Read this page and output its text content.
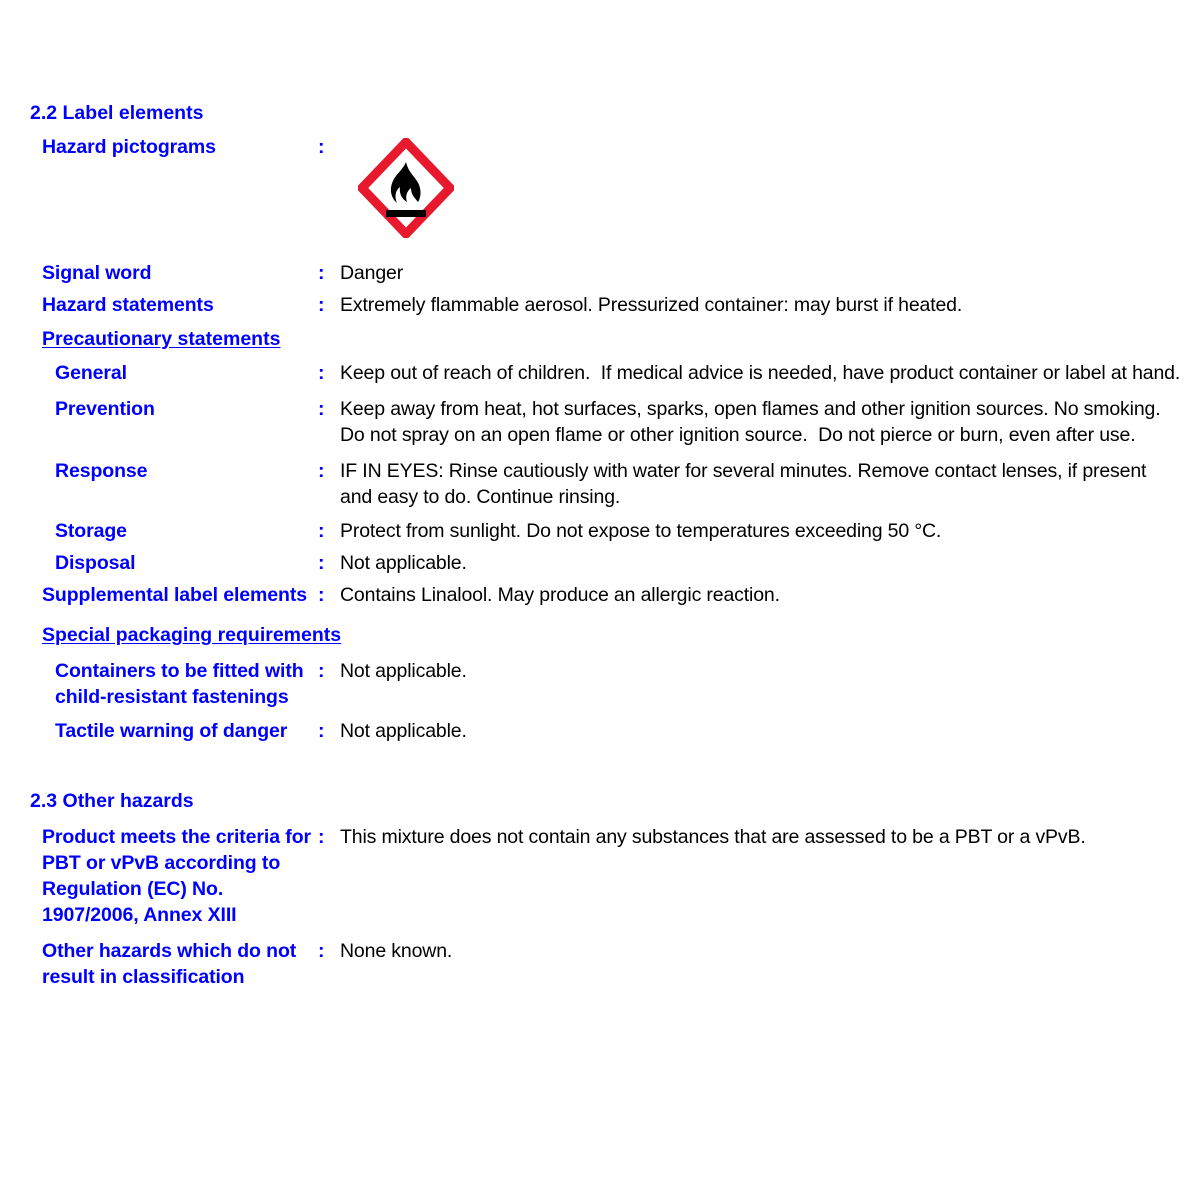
2.2 Label elements
Hazard pictograms	:
Signal word	: Danger
Hazard statements	: Extremely flammable aerosol. Pressurized container: may burst if heated.
Precautionary statements
General	: Keep out of reach of children.  If medical advice is needed, have product container or label at hand.
Prevention	: Keep away from heat, hot surfaces, sparks, open flames and other ignition sources. No smoking.  Do not spray on an open flame or other ignition source.  Do not pierce or burn, even after use.
Response	: IF IN EYES: Rinse cautiously with water for several minutes. Remove contact lenses, if present and easy to do. Continue rinsing.
Storage	: Protect from sunlight. Do not expose to temperatures exceeding 50 °C.
Disposal	: Not applicable.
Supplemental label elements : Contains Linalool. May produce an allergic reaction.
Special packaging requirements
Containers to be fitted with child-resistant fastenings
: Not applicable.
Tactile warning of danger	: Not applicable.
2.3 Other hazards
Product meets the criteria for PBT or vPvB according to Regulation (EC) No. 1907/2006, Annex XIII
: This mixture does not contain any substances that are assessed to be a PBT or a vPvB.
Other hazards which do not result in classification
: None known.
